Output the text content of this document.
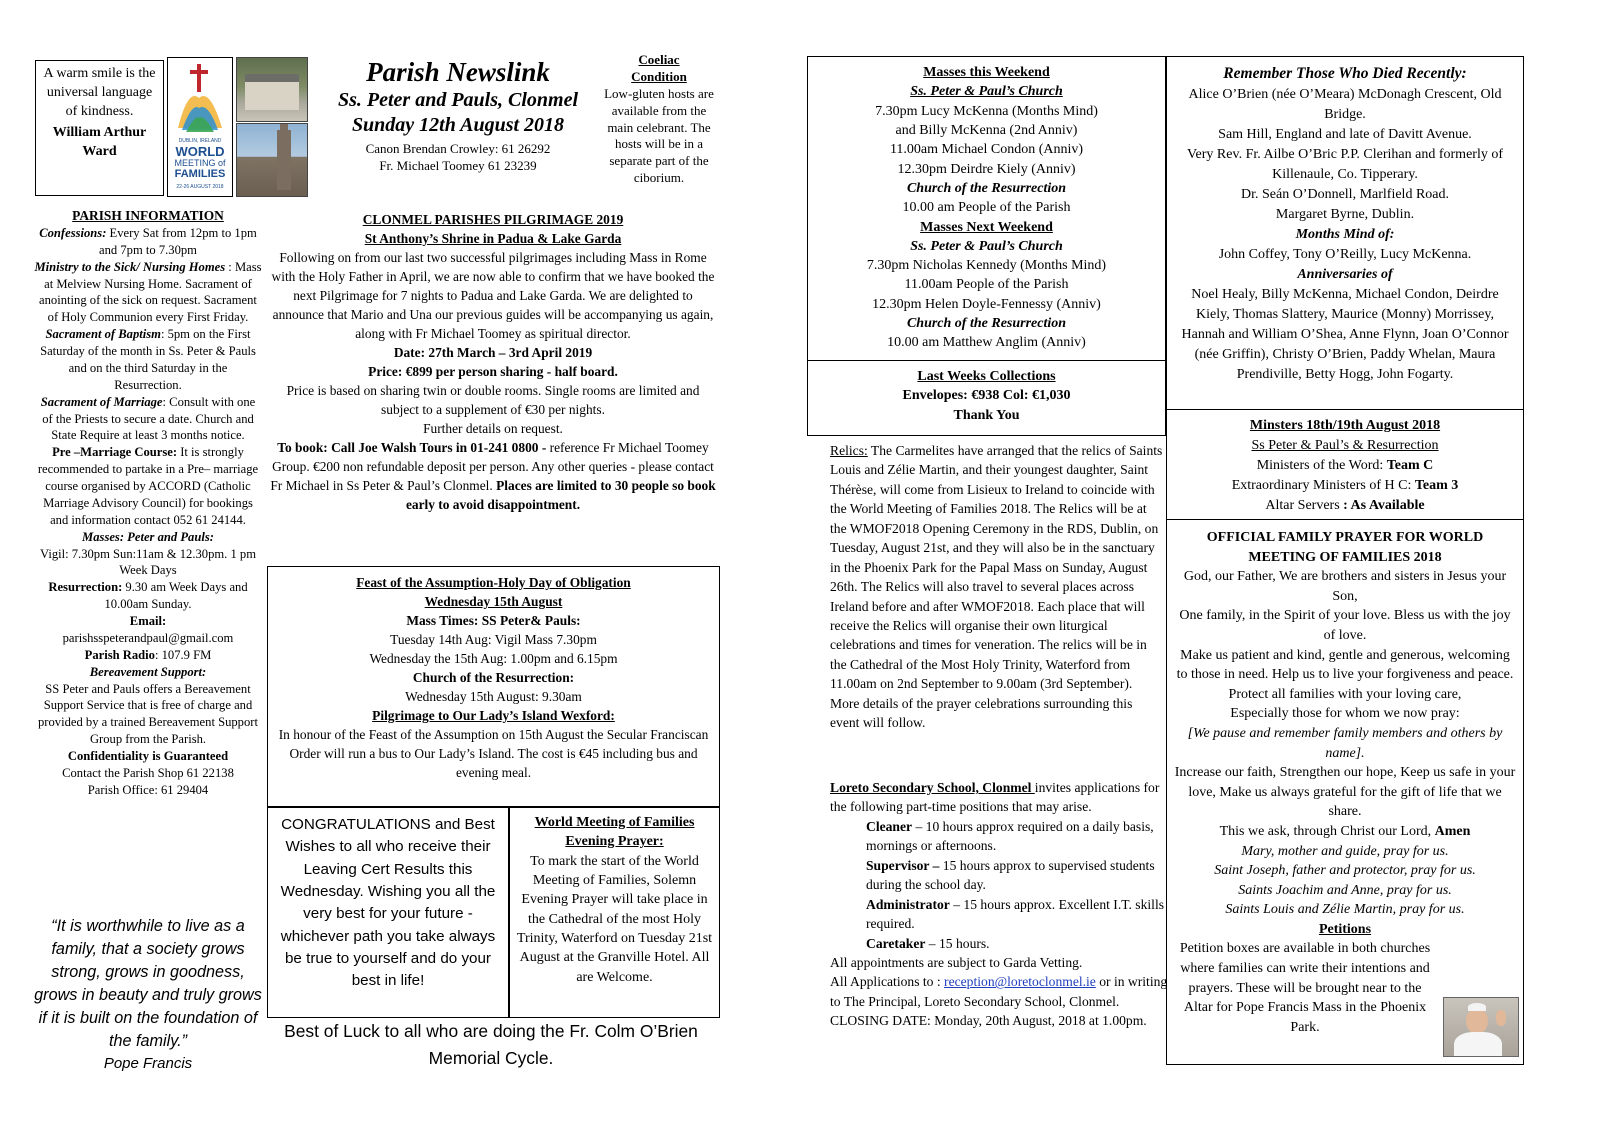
A warm smile is the universal language of kindness.

William Arthur Ward

DUBLIN, IRELAND
WORLD
MEETING of
FAMILIES
22-26 AUGUST 2018
Parish Newslink
Ss. Peter and Pauls, Clonmel
Sunday 12th August 2018
Canon Brendan Crowley: 61 26292
Fr. Michael Toomey 61 23239
Coeliac
Condition
Low-gluten hosts are available from the main celebrant. The hosts will be in a separate part of the ciborium.
PARISH INFORMATION

Confessions: Every Sat from 12pm to 1pm and 7pm to 7.30pm

Ministry to the Sick/ Nursing Homes : Mass at Melview Nursing Home. Sacrament of anointing of the sick on request. Sacrament of Holy Communion every First Friday.

Sacrament of Baptism: 5pm on the First Saturday of the month in Ss. Peter & Pauls and on the third Saturday in the Resurrection.

Sacrament of Marriage: Consult with one of the Priests to secure a date. Church and State Require at least 3 months notice.

Pre –Marriage Course: It is strongly recommended to partake in a Pre– marriage course organised by ACCORD (Catholic Marriage Advisory Council) for bookings and information contact 052 61 24144.

Masses: Peter and Pauls:

Vigil: 7.30pm Sun:11am & 12.30pm. 1 pm Week Days

Resurrection: 9.30 am Week Days and 10.00am Sunday.

Email:

parishsspeterandpaul@gmail.com

Parish Radio: 107.9 FM

Bereavement Support:

SS Peter and Pauls offers a Bereavement Support Service that is free of charge and provided by a trained Bereavement Support Group from the Parish.

Confidentiality is Guaranteed

Contact the Parish Shop 61 22138

Parish Office: 61 29404

“It is worthwhile to live as a family, that a society grows strong, grows in goodness, grows in beauty and truly grows if it is built on the foundation of the family.”

Pope Francis

CLONMEL PARISHES PILGRIMAGE 2019
St Anthony’s Shrine in Padua & Lake Garda

Following on from our last two successful pilgrimages including Mass in Rome with the Holy Father in April, we are now able to confirm that we have booked the next Pilgrimage for 7 nights to Padua and Lake Garda. We are delighted to announce that Mario and Una our previous guides will be accompanying us again, along with Fr Michael Toomey as spiritual director.

Date: 27th March – 3rd April 2019

Price: €899 per person sharing - half board.

Price is based on sharing twin or double rooms. Single rooms are limited and subject to a supplement of €30 per nights.

Further details on request.

To book: Call Joe Walsh Tours in 01-241 0800 - reference Fr Michael Toomey Group. €200 non refundable deposit per person. Any other queries - please contact Fr Michael in Ss Peter & Paul’s Clonmel. Places are limited to 30 people so book early to avoid disappointment.

Feast of the Assumption-Holy Day of Obligation
Wednesday 15th August
Mass Times: SS Peter& Pauls:
Tuesday 14th Aug: Vigil Mass 7.30pm
Wednesday the 15th Aug: 1.00pm and 6.15pm
Church of the Resurrection:
Wednesday 15th August: 9.30am
Pilgrimage to Our Lady’s Island Wexford:
In honour of the Feast of the Assumption on 15th August the Secular Franciscan Order will run a bus to Our Lady’s Island. The cost is €45 including bus and evening meal.
CONGRATULATIONS and Best Wishes to all who receive their Leaving Cert Results this Wednesday. Wishing you all the very best for your future - whichever path you take always be true to yourself and do your best in life!
World Meeting of Families Evening Prayer:
To mark the start of the World Meeting of Families, Solemn Evening Prayer will take place in the Cathedral of the most Holy Trinity, Waterford on Tuesday 21st August at the Granville Hotel. All are Welcome.
Best of Luck to all who are doing the Fr. Colm O’Brien Memorial Cycle.
Masses this Weekend
Ss. Peter & Paul’s Church
7.30pm Lucy McKenna (Months Mind)
and Billy McKenna (2nd Anniv)
11.00am Michael Condon (Anniv)
12.30pm Deirdre Kiely (Anniv)
Church of the Resurrection
10.00 am People of the Parish
Masses Next Weekend
Ss. Peter & Paul’s Church
7.30pm Nicholas Kennedy (Months Mind)
11.00am People of the Parish
12.30pm Helen Doyle-Fennessy (Anniv)
Church of the Resurrection
10.00 am Matthew Anglim (Anniv)
Last Weeks Collections
Envelopes: €938 Col: €1,030
Thank You
Relics: The Carmelites have arranged that the relics of Saints Louis and Zélie Martin, and their youngest daughter, Saint Thérèse, will come from Lisieux to Ireland to coincide with the World Meeting of Families 2018. The Relics will be at the WMOF2018 Opening Ceremony in the RDS, Dublin, on Tuesday, August 21st, and they will also be in the sanctuary in the Phoenix Park for the Papal Mass on Sunday, August 26th. The Relics will also travel to several places across Ireland before and after WMOF2018. Each place that will receive the Relics will organise their own liturgical celebrations and times for veneration. The relics will be in the Cathedral of the Most Holy Trinity, Waterford from 11.00am on 2nd September to 9.00am (3rd September). More details of the prayer celebrations surrounding this event will follow.

Loreto Secondary School, Clonmel invites applications for the following part-time positions that may arise.

Cleaner – 10 hours approx required on a daily basis, mornings or afternoons.

Supervisor – 15 hours approx to supervised students during the school day.

Administrator – 15 hours approx. Excellent I.T. skills required.

Caretaker – 15 hours.

All appointments are subject to Garda Vetting.

All Applications to : reception@loretoclonmel.ie or in writing to The Principal, Loreto Secondary School, Clonmel. CLOSING DATE: Monday, 20th August, 2018 at 1.00pm.

Remember Those Who Died Recently:
Alice O’Brien (née O’Meara) McDonagh Crescent, Old Bridge.
Sam Hill, England and late of Davitt Avenue.
Very Rev. Fr. Ailbe O’Bric P.P. Clerihan and formerly of Killenaule, Co. Tipperary.
Dr. Seán O’Donnell, Marlfield Road.
Margaret Byrne, Dublin.
Months Mind of:
John Coffey, Tony O’Reilly, Lucy McKenna.
Anniversaries of
Noel Healy, Billy McKenna, Michael Condon, Deirdre Kiely, Thomas Slattery, Maurice (Monny) Morrissey, Hannah and William O’Shea, Anne Flynn, Joan O’Connor (née Griffin), Christy O’Brien, Paddy Whelan, Maura Prendiville, Betty Hogg, John Fogarty.
Minsters 18th/19th August 2018
Ss Peter & Paul’s & Resurrection
Ministers of the Word: Team C
Extraordinary Ministers of H C: Team 3
Altar Servers : As Available
OFFICIAL FAMILY PRAYER FOR WORLD MEETING OF FAMILIES 2018
God, our Father, We are brothers and sisters in Jesus your Son,
One family, in the Spirit of your love. Bless us with the joy of love.
Make us patient and kind, gentle and generous, welcoming to those in need. Help us to live your forgiveness and peace.
Protect all families with your loving care,
Especially those for whom we now pray:
[We pause and remember family members and others by name].
Increase our faith, Strengthen our hope, Keep us safe in your love, Make us always grateful for the gift of life that we share.
This we ask, through Christ our Lord, Amen
Mary, mother and guide, pray for us.
Saint Joseph, father and protector, pray for us.
Saints Joachim and Anne, pray for us.
Saints Louis and Zélie Martin, pray for us.
Petitions
Petition boxes are available in both churches where families can write their intentions and prayers. These will be brought near to the Altar for Pope Francis Mass in the Phoenix Park.
